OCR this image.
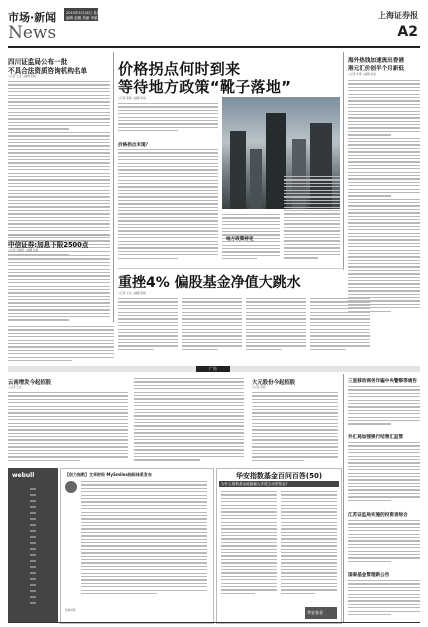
市场·新闻
News
2010年5月18日 星期二
编辑 赵鹏 美编 李丽	上海证券报
A2
四川证监局公布一批
不具合法资质咨询机构名单
○记者 王文 ○编辑 张骏
中信证券:加息下限2500点
○记者 马婧妤 ○编辑 张骏
价格拐点何时到来
等待地方政策“靴子落地”
○记者 张骏 ○编辑 李丽
价格拐点未现？
地方政策待定
海外热钱加速流出香港
港元汇价创半个月新低
○记者 叶勇 ○编辑 李丽
重挫4% 偏股基金净值大跳水
○记者 王文 ○编辑 张骏
广告
云南增发今起招股
○记者 王文
大元股份今起招股
○记者 李丽
三星移动商务诈骗中央警察等通告
外汇局加强银行结售汇监管
江苏证监局实施的投资者综合
国泰基金管理新公告
webull	【创力指数】文华财经 MySmiles指标体系发布
免责申明
华安指数基金百问百答(50)
为什么指数基金能跑赢大多数主动型基金?
华安基金
